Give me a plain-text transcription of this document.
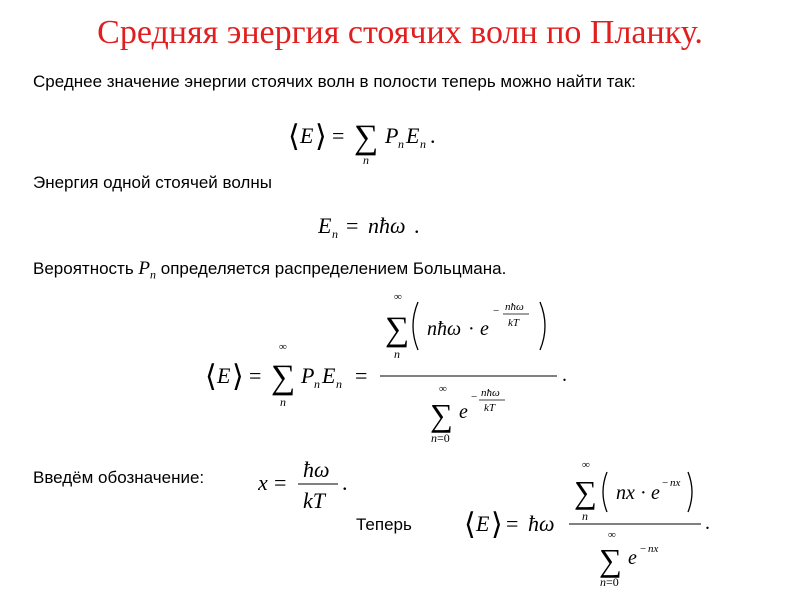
Средняя энергия стоячих волн по Планку.
Среднее значение энергии стоячих волн в полости теперь можно найти так:
⟨ E ⟩ = ∑
n
P n E n .
Энергия одной стоячей волны
E n = nħω .
Вероятность $P_n$ определяется распределением Больцмана.
⟨ E ⟩ =
∞
∑
n
P n E n =
∞
∑
n
nħω · e
− nħω
kT
.
∞
∑
n=0
e
− nħω
kT
Введём обозначение: x =
ħω
kT
.
Теперь ⟨ E ⟩ = ħω
∞
∑
n
nx · e − nx
.
∞
∑
n=0
e − nx
